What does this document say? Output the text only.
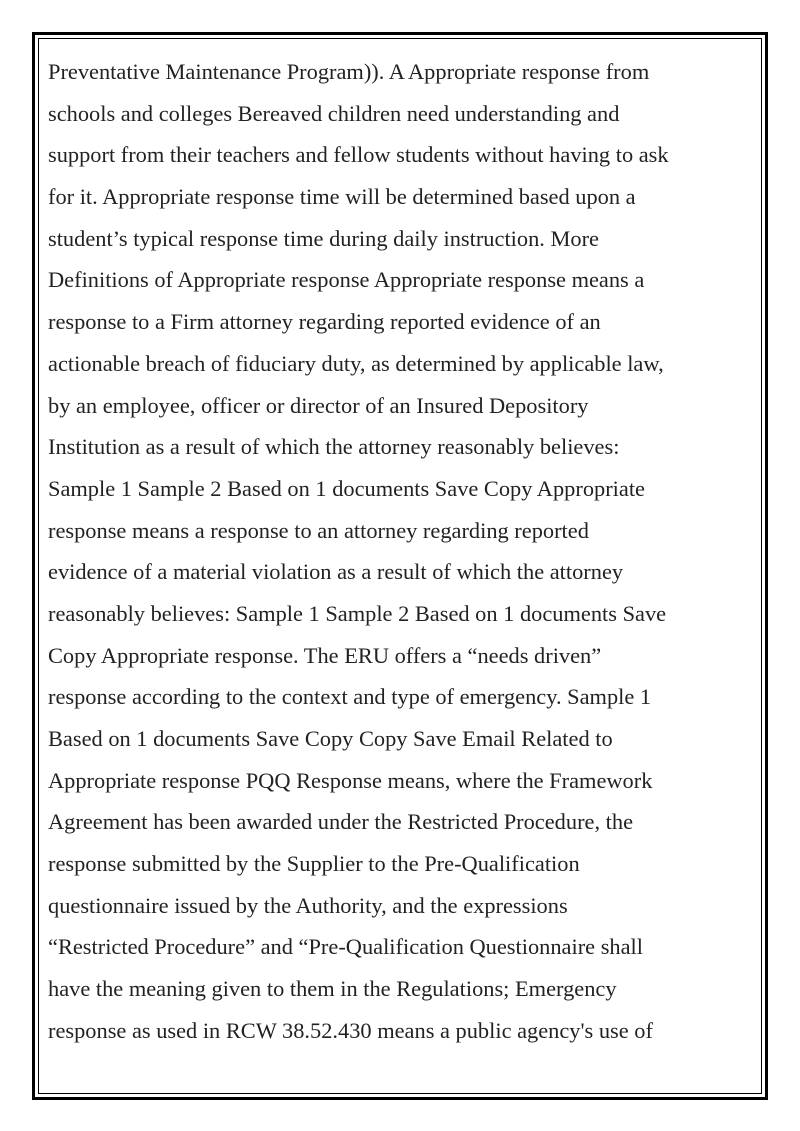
Preventative Maintenance Program)). A Appropriate response from
schools and colleges Bereaved children need understanding and
support from their teachers and fellow students without having to ask
for it. Appropriate response time will be determined based upon a
student’s typical response time during daily instruction. More
Definitions of Appropriate response Appropriate response means a
response to a Firm attorney regarding reported evidence of an
actionable breach of fiduciary duty, as determined by applicable law,
by an employee, officer or director of an Insured Depository
Institution as a result of which the attorney reasonably believes:
Sample 1 Sample 2 Based on 1 documents Save Copy Appropriate
response means a response to an attorney regarding reported
evidence of a material violation as a result of which the attorney
reasonably believes: Sample 1 Sample 2 Based on 1 documents Save
Copy Appropriate response. The ERU offers a “needs driven”
response according to the context and type of emergency. Sample 1
Based on 1 documents Save Copy Copy Save Email Related to
Appropriate response PQQ Response means, where the Framework
Agreement has been awarded under the Restricted Procedure, the
response submitted by the Supplier to the Pre-Qualification
questionnaire issued by the Authority, and the expressions
“Restricted Procedure” and “Pre-Qualification Questionnaire shall
have the meaning given to them in the Regulations; Emergency
response as used in RCW 38.52.430 means a public agency's use of
